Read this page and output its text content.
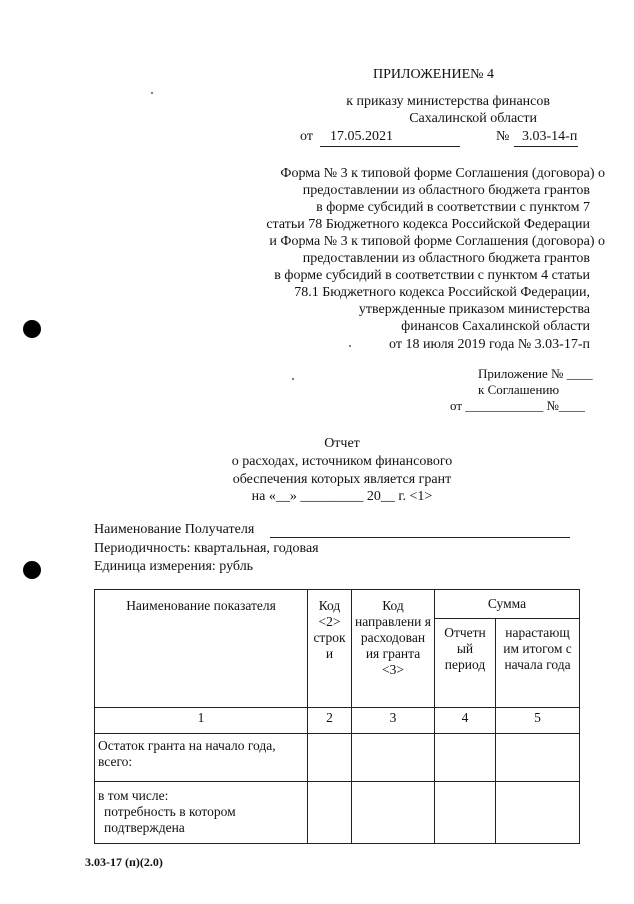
ПРИЛОЖЕНИЕ№ 4
к приказу министерства финансов
Сахалинской области
от 17.05.2021	№ 3.03-14-п
Форма № 3 к типовой форме Соглашения (договора) о
предоставлении из областного бюджета грантов
в форме субсидий в соответствии с пунктом 7
статьи 78 Бюджетного кодекса Российской Федерации
и Форма № 3 к типовой форме Соглашения (договора) о
предоставлении из областного бюджета грантов
в форме субсидий в соответствии с пунктом 4 статьи
78.1 Бюджетного кодекса Российской Федерации,
утвержденные приказом министерства
финансов Сахалинской области
от 18 июля 2019 года № 3.03-17-п
Приложение № ____
к Соглашению
от ____________ №____
Отчет
о расходах, источником финансового
обеспечения которых является грант
на «__» _________ 20__ г. <1>
Наименование Получателя
Периодичность: квартальная, годовая
Единица измерения: рубль
Наименование показателя	Код <2> строк и	Код направлени я расходован ия гранта <3>	Сумма	
			Отчетн ый период	нарастающ им итогом с начала года
1	2	3	4	5
Остаток гранта на начало года, всего:				

в том числе:
потребность в котором подтверждена				

3.03-17 (п)(2.0)
